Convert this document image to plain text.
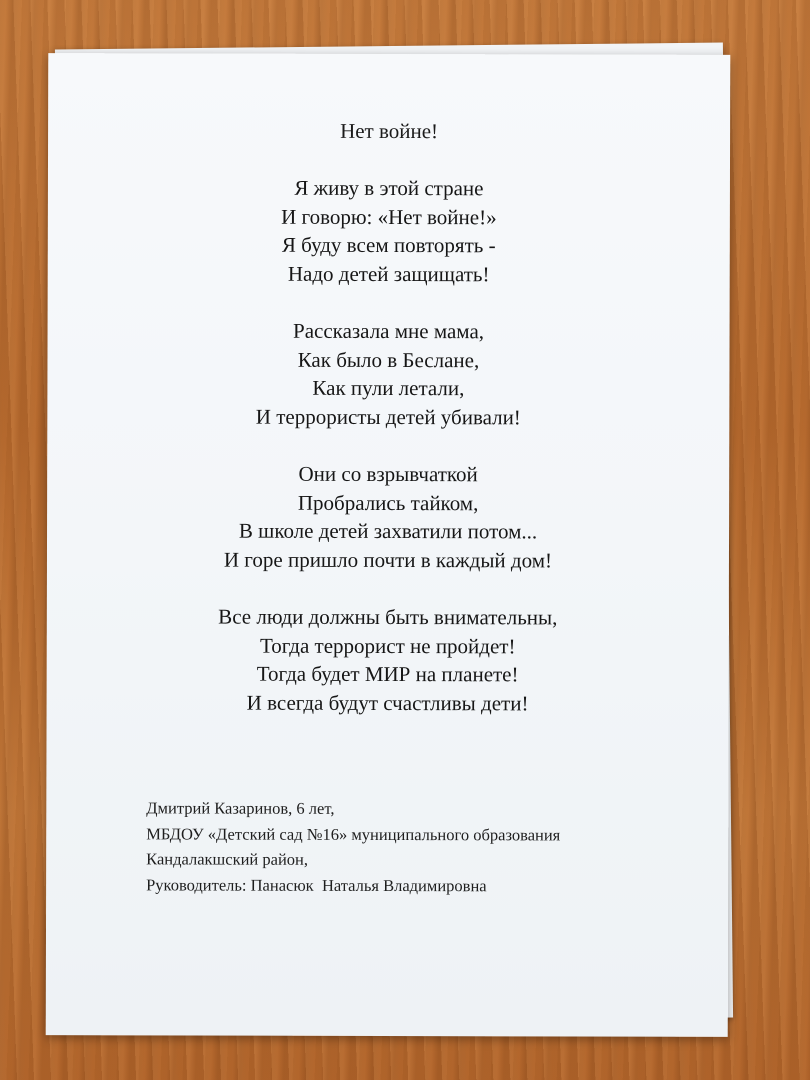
Нет войне!
Я живу в этой стране
И говорю: «Нет войне!»
Я буду всем повторять -
Надо детей защищать!
Рассказала мне мама,
Как было в Беслане,
Как пули летали,
И террористы детей убивали!
Они со взрывчаткой
Пробрались тайком,
В школе детей захватили потом...
И горе пришло почти в каждый дом!
Все люди должны быть внимательны,
Тогда террорист не пройдет!
Тогда будет МИР на планете!
И всегда будут счастливы дети!
Дмитрий Казаринов, 6 лет,
МБДОУ «Детский сад №16» муниципального образования
Кандалакшский район,
Руководитель: Панасюк  Наталья Владимировна
